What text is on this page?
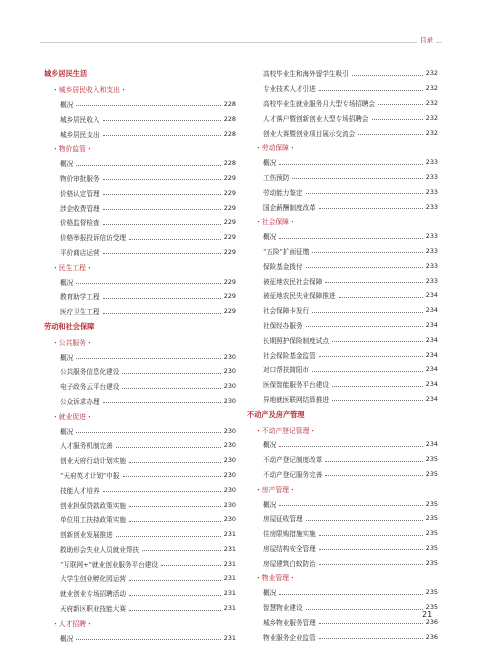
目录
城乡居民生活
・城乡居民收入和支出・
概况	228
城乡居民收入	228
城乡居民支出	228
・物价监管・
概况	228
物价审批服务	229
价格认定管理	229
涉企收费管理	229
价格监督检查	229
价格举报投诉信访受理	229
平价商店运营	229
・民生工程・
概况	229
教育助学工程	229
医疗卫生工程	229
劳动和社会保障
・公共服务・
概况	230
公共服务信息化建设	230
电子政务云平台建设	230
公众诉求办理	230
・就业促进・
概况	230
人才服务机制完善	230
创业天府行动计划实施	230
“天府英才计划”申报	230
技能人才培养	230
创业担保贷款政策实施	230
单位用工扶持政策实施	230
创新创业发展推进	231
救助形会失业人员就业帮扶	231
“互联网+”就业创业服务平台建设	231
大学生创业孵化园运营	231
就业创业专场招聘活动	231
天府新区职业技能大赛	231
・人才招聘・
概况	231
高校毕业生和海外留学生吸引	232
专业技术人才引进	232
高校毕业生就业服务月大型专场招聘会	232
人才落户暨创新创业大型专场招聘会	232
创业大赛暨创业项目展示交流会	232
・劳动保障・
概况	233
工伤预防	233
劳动能力鉴定	233
国企薪酬制度改革	233
・社会保障・
概况	233
“五险”扩面征缴	233
保险基金拨付	233
被征地农民社会保障	233
被征地农民失业保障推进	234
社会保障卡发行	234
社保经办服务	234
长期照护保险制度试点	234
社会保险基金监管	234
对口帮扶简阳市	234
医保智能服务平台建设	234
异地就医联网结算推进	234
不动产及房产管理
・不动产登记管理・
概况	234
不动产登记制度改革	235
不动产登记服务完善	235
・房产管理・
概况	235
房屋征收管理	235
住房限购措施实施	235
房屋结构安全管理	235
房屋建筑白蚁防治	235
・物业管理・
概况	235
智慧物业建设	235
城乡物业服务管理	236
物业服务企业监管	236
21
